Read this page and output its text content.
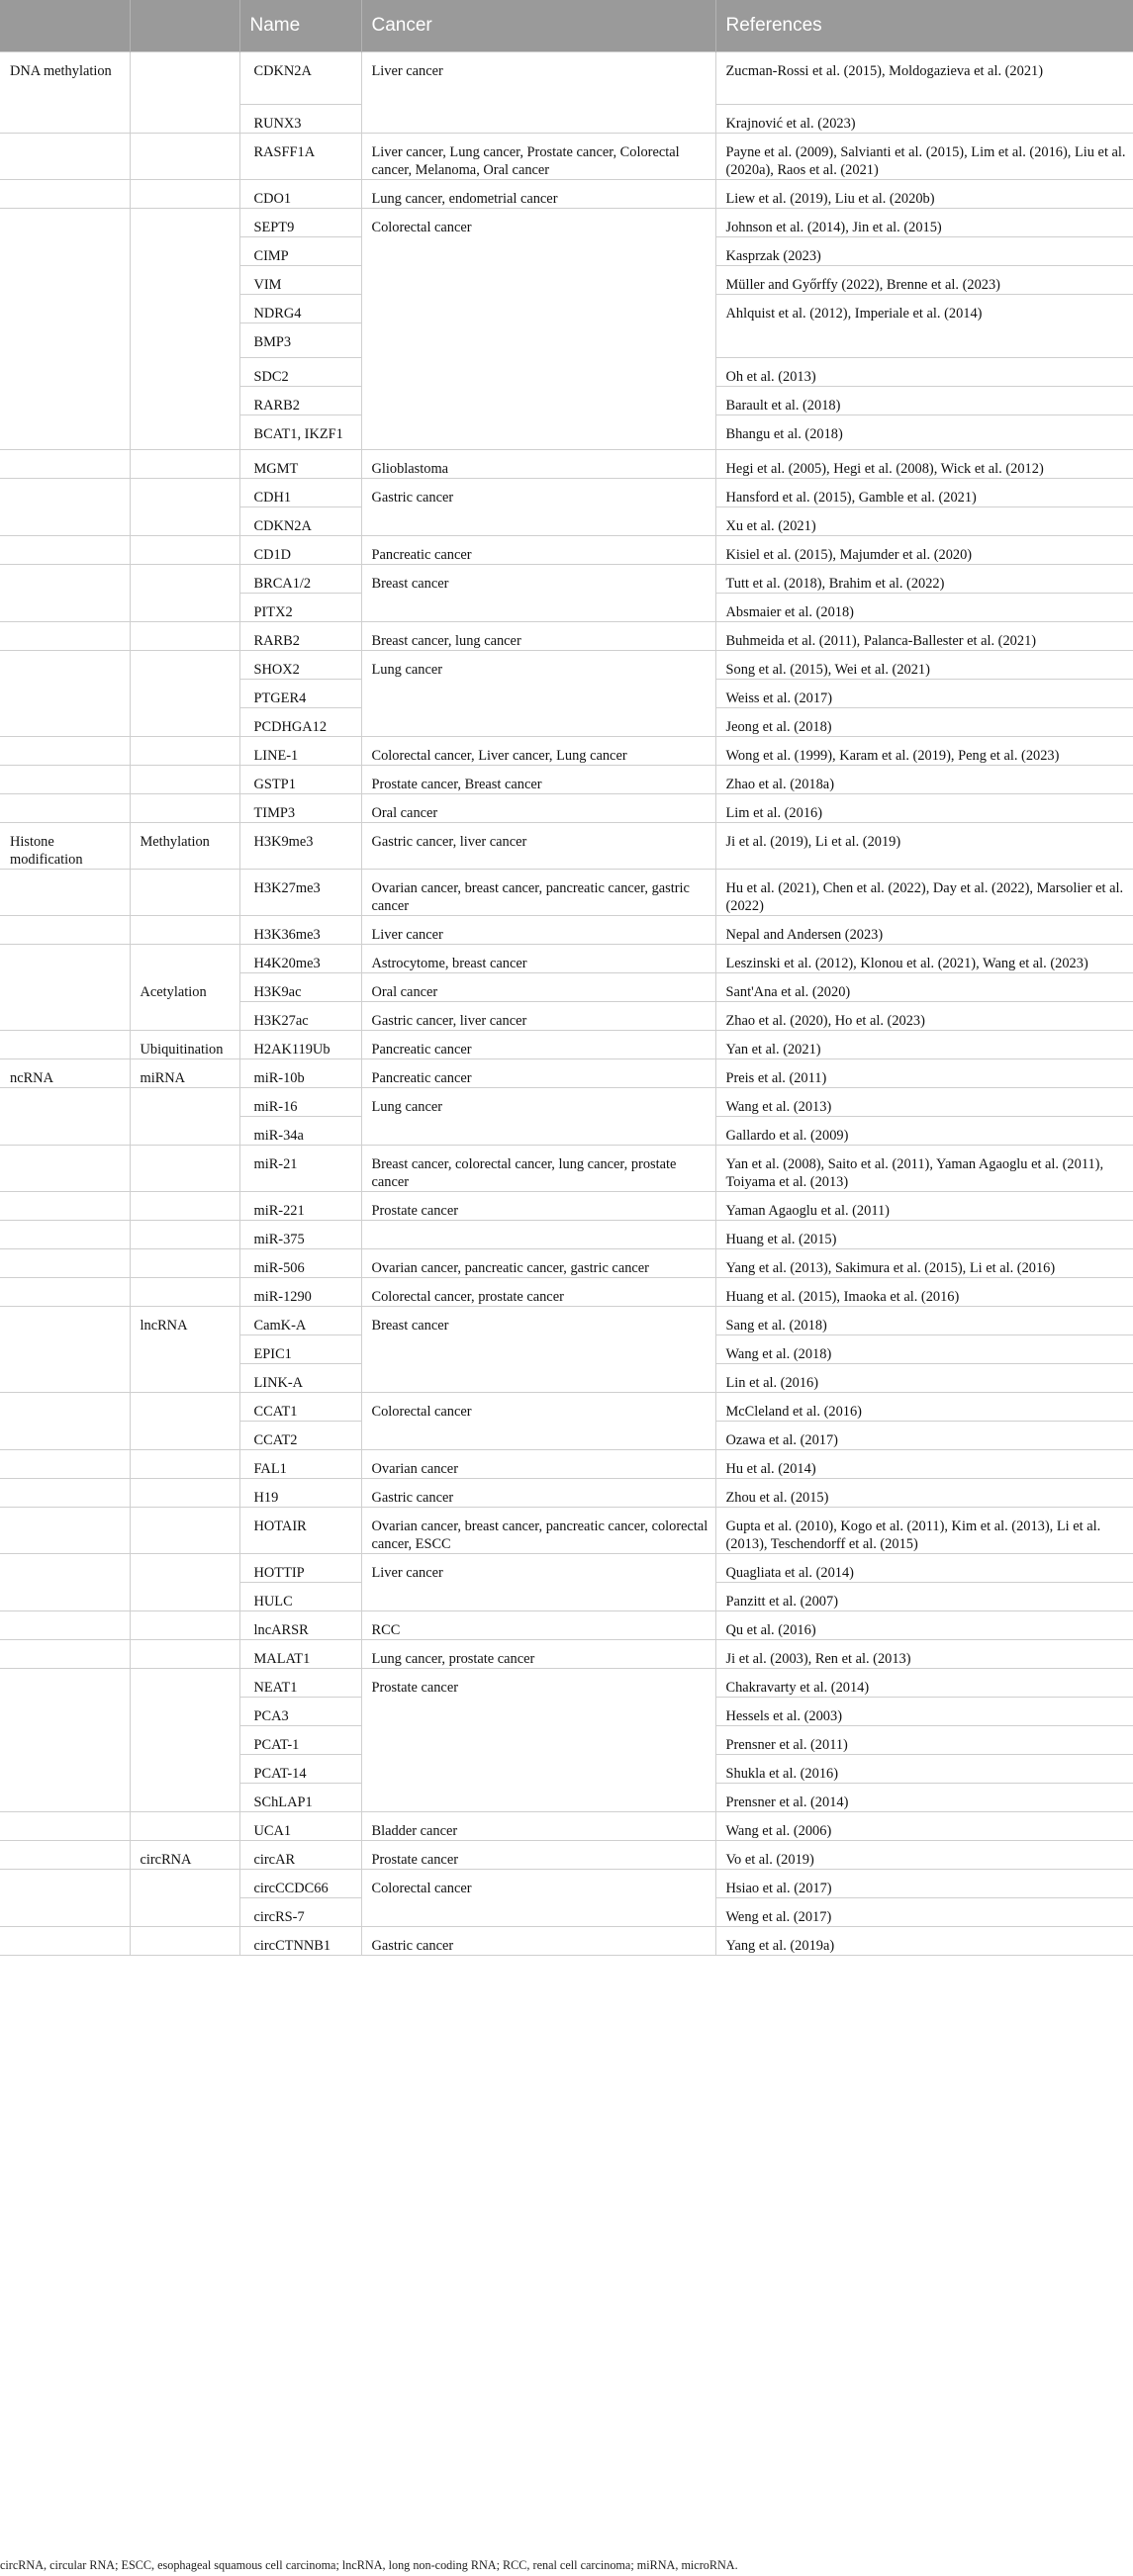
		Name	Cancer	References
DNA methylation		CDKN2A	Liver cancer	Zucman-Rossi et al. (2015), Moldogazieva et al. (2021)
		RUNX3		Krajnović et al. (2023)
		RASFF1A	Liver cancer, Lung cancer, Prostate cancer, Colorectal cancer, Melanoma, Oral cancer	Payne et al. (2009), Salvianti et al. (2015), Lim et al. (2016), Liu et al. (2020a), Raos et al. (2021)
		CDO1	Lung cancer, endometrial cancer	Liew et al. (2019), Liu et al. (2020b)
		SEPT9	Colorectal cancer	Johnson et al. (2014), Jin et al. (2015)
		CIMP		Kasprzak (2023)
		VIM		Müller and Győrffy (2022), Brenne et al. (2023)
		NDRG4		Ahlquist et al. (2012), Imperiale et al. (2014)
		BMP3		
		SDC2		Oh et al. (2013)
		RARB2		Barault et al. (2018)
		BCAT1, IKZF1		Bhangu et al. (2018)
		MGMT	Glioblastoma	Hegi et al. (2005), Hegi et al. (2008), Wick et al. (2012)
		CDH1	Gastric cancer	Hansford et al. (2015), Gamble et al. (2021)
		CDKN2A		Xu et al. (2021)
		CD1D	Pancreatic cancer	Kisiel et al. (2015), Majumder et al. (2020)
		BRCA1/2	Breast cancer	Tutt et al. (2018), Brahim et al. (2022)
		PITX2		Absmaier et al. (2018)
		RARB2	Breast cancer, lung cancer	Buhmeida et al. (2011), Palanca-Ballester et al. (2021)
		SHOX2	Lung cancer	Song et al. (2015), Wei et al. (2021)
		PTGER4		Weiss et al. (2017)
		PCDHGA12		Jeong et al. (2018)
		LINE-1	Colorectal cancer, Liver cancer, Lung cancer	Wong et al. (1999), Karam et al. (2019), Peng et al. (2023)
		GSTP1	Prostate cancer, Breast cancer	Zhao et al. (2018a)
		TIMP3	Oral cancer	Lim et al. (2016)
Histone modification	Methylation	H3K9me3	Gastric cancer, liver cancer	Ji et al. (2019), Li et al. (2019)
		H3K27me3	Ovarian cancer, breast cancer, pancreatic cancer, gastric cancer	Hu et al. (2021), Chen et al. (2022), Day et al. (2022), Marsolier et al. (2022)
		H3K36me3	Liver cancer	Nepal and Andersen (2023)
		H4K20me3	Astrocytome, breast cancer	Leszinski et al. (2012), Klonou et al. (2021), Wang et al. (2023)
	Acetylation	H3K9ac	Oral cancer	Sant'Ana et al. (2020)
		H3K27ac	Gastric cancer, liver cancer	Zhao et al. (2020), Ho et al. (2023)
	Ubiquitination	H2AK119Ub	Pancreatic cancer	Yan et al. (2021)
ncRNA	miRNA	miR-10b	Pancreatic cancer	Preis et al. (2011)
		miR-16	Lung cancer	Wang et al. (2013)
		miR-34a		Gallardo et al. (2009)
		miR-21	Breast cancer, colorectal cancer, lung cancer, prostate cancer	Yan et al. (2008), Saito et al. (2011), Yaman Agaoglu et al. (2011), Toiyama et al. (2013)
		miR-221	Prostate cancer	Yaman Agaoglu et al. (2011)
		miR-375		Huang et al. (2015)
		miR-506	Ovarian cancer, pancreatic cancer, gastric cancer	Yang et al. (2013), Sakimura et al. (2015), Li et al. (2016)
		miR-1290	Colorectal cancer, prostate cancer	Huang et al. (2015), Imaoka et al. (2016)
	lncRNA	CamK-A	Breast cancer	Sang et al. (2018)
		EPIC1		Wang et al. (2018)
		LINK-A		Lin et al. (2016)
		CCAT1	Colorectal cancer	McCleland et al. (2016)
		CCAT2		Ozawa et al. (2017)
		FAL1	Ovarian cancer	Hu et al. (2014)
		H19	Gastric cancer	Zhou et al. (2015)
		HOTAIR	Ovarian cancer, breast cancer, pancreatic cancer, colorectal cancer, ESCC	Gupta et al. (2010), Kogo et al. (2011), Kim et al. (2013), Li et al. (2013), Teschendorff et al. (2015)
		HOTTIP	Liver cancer	Quagliata et al. (2014)
		HULC		Panzitt et al. (2007)
		lncARSR	RCC	Qu et al. (2016)
		MALAT1	Lung cancer, prostate cancer	Ji et al. (2003), Ren et al. (2013)
		NEAT1	Prostate cancer	Chakravarty et al. (2014)
		PCA3		Hessels et al. (2003)
		PCAT-1		Prensner et al. (2011)
		PCAT-14		Shukla et al. (2016)
		SChLAP1		Prensner et al. (2014)
		UCA1	Bladder cancer	Wang et al. (2006)
	circRNA	circAR	Prostate cancer	Vo et al. (2019)
		circCCDC66	Colorectal cancer	Hsiao et al. (2017)
		circRS-7		Weng et al. (2017)
		circCTNNB1	Gastric cancer	Yang et al. (2019a)
circRNA, circular RNA; ESCC, esophageal squamous cell carcinoma; lncRNA, long non-coding RNA; RCC, renal cell carcinoma; miRNA, microRNA.
